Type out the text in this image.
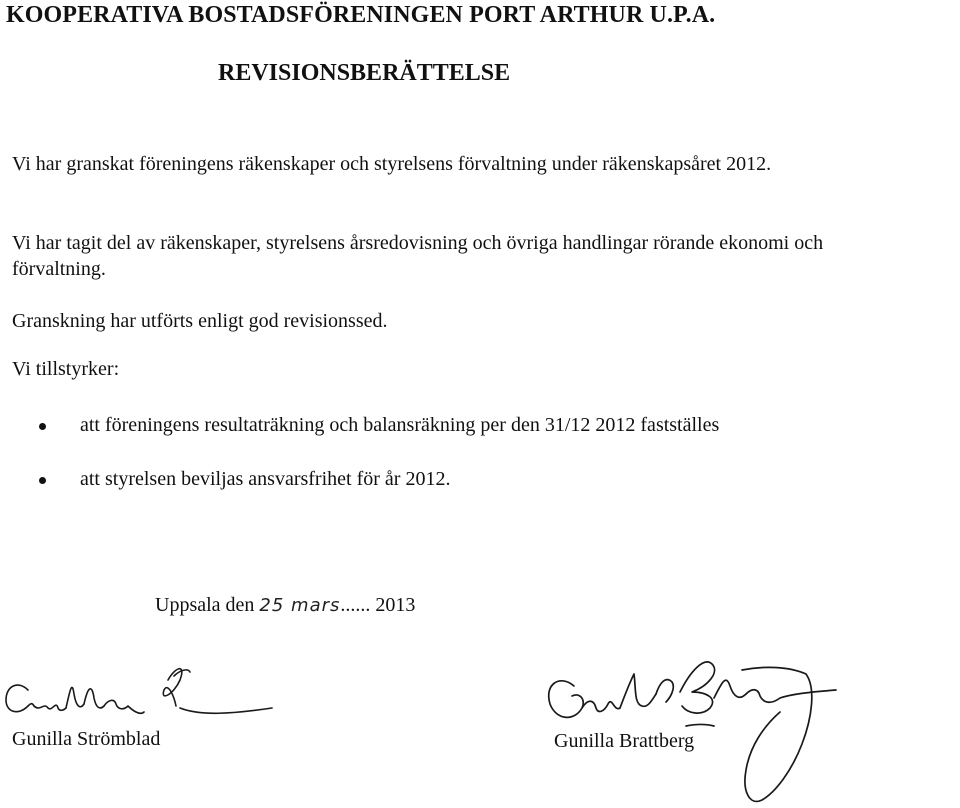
KOOPERATIVA BOSTADSFÖRENINGEN PORT ARTHUR U.P.A.
REVISIONSBERÄTTELSE

Vi har granskat föreningens räkenskaper och styrelsens förvaltning under räkenskapsåret 2012.

Vi har tagit del av räkenskaper, styrelsens årsredovisning och övriga handlingar rörande ekonomi och förvaltning.

Granskning har utförts enligt god revisionssed.

Vi tillstyrker:

att föreningens resultaträkning och balansräkning per den 31/12 2012 fastställes
att styrelsen beviljas ansvarsfrihet för år 2012.
Uppsala den 25 mars...... 2013
Gunilla Strömblad	Gunilla Brattberg
